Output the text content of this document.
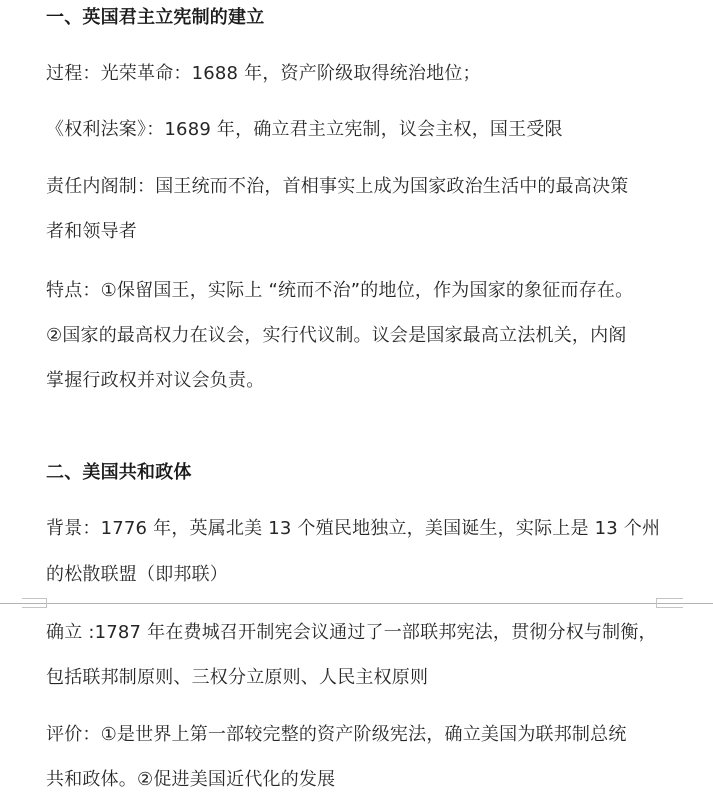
一、英国君主立宪制的建立
过程：光荣革命：1688 年，资产阶级取得统治地位；
《权利法案》：1689 年，确立君主立宪制，议会主权，国王受限
责任内阁制：国王统而不治，首相事实上成为国家政治生活中的最高决策
者和领导者
特点：①保留国王，实际上 “统而不治”的地位，作为国家的象征而存在。
②国家的最高权力在议会，实行代议制。议会是国家最高立法机关，内阁
掌握行政权并对议会负责。
二、美国共和政体
背景：1776 年，英属北美 13 个殖民地独立，美国诞生，实际上是 13 个州
的松散联盟（即邦联）
确立 :1787 年在费城召开制宪会议通过了一部联邦宪法，贯彻分权与制衡，
包括联邦制原则、三权分立原则、人民主权原则
评价：①是世界上第一部较完整的资产阶级宪法，确立美国为联邦制总统
共和政体。②促进美国近代化的发展
